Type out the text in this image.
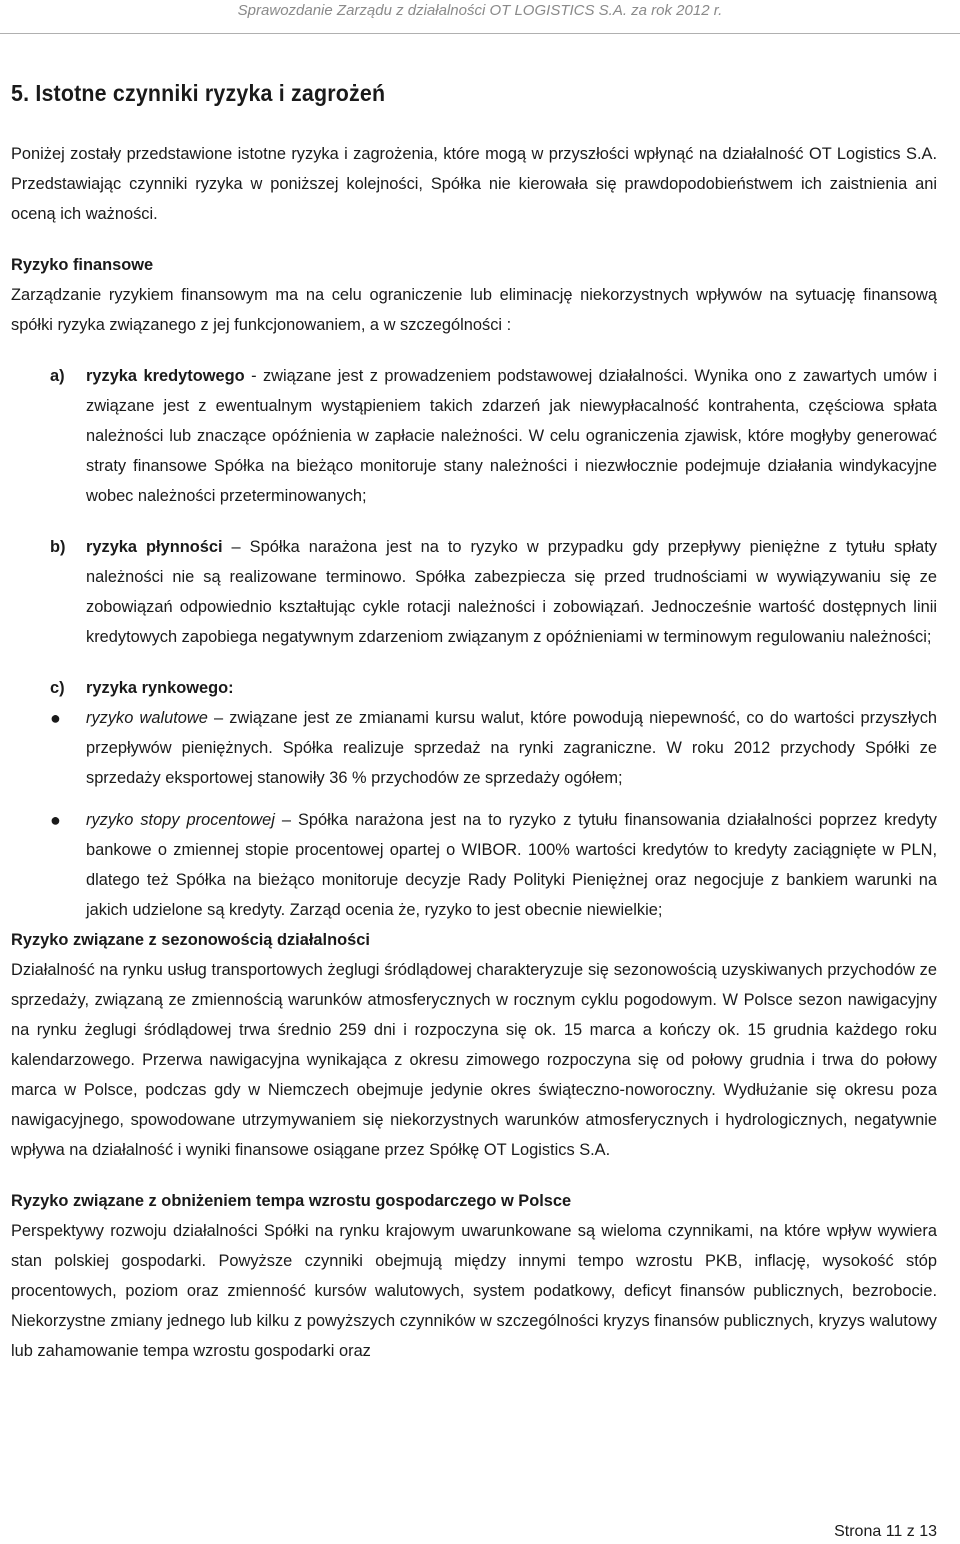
Sprawozdanie Zarządu z działalności OT LOGISTICS S.A. za rok 2012 r.
5. Istotne czynniki ryzyka i zagrożeń

Poniżej zostały przedstawione istotne ryzyka i zagrożenia, które mogą w przyszłości wpłynąć na działalność OT Logistics S.A. Przedstawiając czynniki ryzyka w poniższej kolejności, Spółka nie kierowała się prawdopodobieństwem ich zaistnienia ani oceną ich ważności.

Ryzyko finansowe

Zarządzanie ryzykiem finansowym ma na celu ograniczenie lub eliminację niekorzystnych wpływów na sytuację finansową spółki ryzyka związanego z jej funkcjonowaniem, a w szczególności :

a) ryzyka kredytowego - związane jest z prowadzeniem podstawowej działalności. Wynika ono z zawartych umów i związane jest z ewentualnym wystąpieniem takich zdarzeń jak niewypłacalność kontrahenta, częściowa spłata należności lub znaczące opóźnienia w zapłacie należności. W celu ograniczenia zjawisk, które mogłyby generować straty finansowe Spółka na bieżąco monitoruje stany należności i niezwłocznie podejmuje działania windykacyjne wobec należności przeterminowanych;

b) ryzyka płynności – Spółka narażona jest na to ryzyko w przypadku gdy przepływy pieniężne z tytułu spłaty należności nie są realizowane terminowo. Spółka zabezpiecza się przed trudnościami w wywiązywaniu się ze zobowiązań odpowiednio kształtując cykle rotacji należności i zobowiązań. Jednocześnie wartość dostępnych linii kredytowych zapobiega negatywnym zdarzeniom związanym z opóźnieniami w terminowym regulowaniu należności;

c) ryzyka rynkowego:

● ryzyko walutowe – związane jest ze zmianami kursu walut, które powodują niepewność, co do wartości przyszłych przepływów pieniężnych. Spółka realizuje sprzedaż na rynki zagraniczne. W roku 2012 przychody Spółki ze sprzedaży eksportowej stanowiły 36 % przychodów ze sprzedaży ogółem;

● ryzyko stopy procentowej – Spółka narażona jest na to ryzyko z tytułu finansowania działalności poprzez kredyty bankowe o zmiennej stopie procentowej opartej o WIBOR. 100% wartości kredytów to kredyty zaciągnięte w PLN, dlatego też Spółka na bieżąco monitoruje decyzje Rady Polityki Pieniężnej oraz negocjuje z bankiem warunki na jakich udzielone są kredyty. Zarząd ocenia że, ryzyko to jest obecnie niewielkie;

Ryzyko związane z sezonowością działalności

Działalność na rynku usług transportowych żeglugi śródlądowej charakteryzuje się sezonowością uzyskiwanych przychodów ze sprzedaży, związaną ze zmiennością warunków atmosferycznych w rocznym cyklu pogodowym. W Polsce sezon nawigacyjny na rynku żeglugi śródlądowej trwa średnio 259 dni i rozpoczyna się ok. 15 marca a kończy ok. 15 grudnia każdego roku kalendarzowego. Przerwa nawigacyjna wynikająca z okresu zimowego rozpoczyna się od połowy grudnia i trwa do połowy marca w Polsce, podczas gdy w Niemczech obejmuje jedynie okres świąteczno-noworoczny. Wydłużanie się okresu poza nawigacyjnego, spowodowane utrzymywaniem się niekorzystnych warunków atmosferycznych i hydrologicznych, negatywnie wpływa na działalność i wyniki finansowe osiągane przez Spółkę OT Logistics S.A.

Ryzyko związane z obniżeniem tempa wzrostu gospodarczego w Polsce

Perspektywy rozwoju działalności Spółki na rynku krajowym uwarunkowane są wieloma czynnikami, na które wpływ wywiera stan polskiej gospodarki. Powyższe czynniki obejmują między innymi tempo wzrostu PKB, inflację, wysokość stóp procentowych, poziom oraz zmienność kursów walutowych, system podatkowy, deficyt finansów publicznych, bezrobocie. Niekorzystne zmiany jednego lub kilku z powyższych czynników w szczególności kryzys finansów publicznych, kryzys walutowy lub zahamowanie tempa wzrostu gospodarki oraz

Strona 11 z 13
